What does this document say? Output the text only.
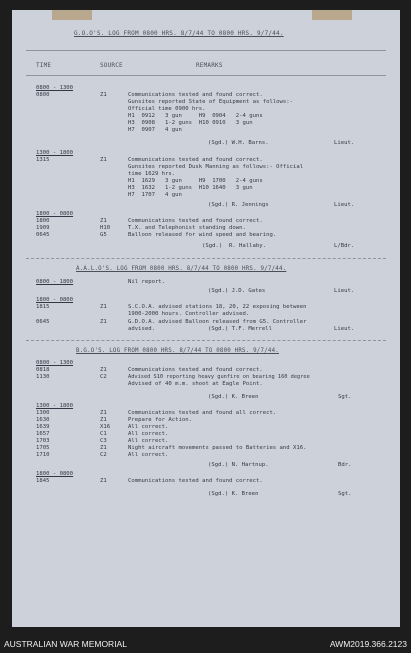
G.O.O'S. LOG FROM 0800 HRS. 8/7/44 TO 0800 HRS. 9/7/44.
TIME	SOURCE	REMARKS
0800 - 1300
0800	Z1	Communications tested and found correct.
Gunsites reported State of Equipment as follows:-
Official time 0900 hrs.
H1  0912   3 gun     H9  0904   2-4 guns
H3  0908   1-2 guns  H10 0910   3 gun
H7  0907   4 gun
(Sgd.) W.H. Barns.	Lieut.
1300 - 1800
1315	Z1	Communications tested and found correct.
Gunsites reported Dusk Manning as follows:- Official
time 1629 hrs.
H1  1629   3 gun     H9  1700   2-4 guns
H3  1632   1-2 guns  H10 1640   3 gun
H7  1707   4 gun
(Sgd.) R. Jennings	Lieut.
1800 - 0800
1800	Z1	Communications tested and found correct.
1909	H10	T.X. and Telephonist standing down.
0645	G5	Balloon released for wind speed and bearing.
(Sgd.)  R. Hallaby.	L/Bdr.
A.A.L.O'S. LOG FROM 0800 HRS. 8/7/44 TO 0800 HRS. 9/7/44.
0800 - 1800	Nil report.
(Sgd.) J.D. Gates	Lieut.
1800 - 0800
1815	Z1	S.C.O.A. advised stations 18, 20, 22 exposing between
1900-2000 hours. Controller advised.
0645	Z1	G.D.O.A. advised Balloon released from G5. Controller
advised.	(Sgd.) T.F. Merrell	Lieut.
B.G.O'S. LOG FROM 0800 HRS. 8/7/44 TO 0800 HRS. 9/7/44.
0800 - 1300
0818	Z1	Communications tested and found correct.
1130	C2	Advised S10 reporting heavy gunfire on bearing 160 degree
Advised of 40 m.m. shoot at Eagle Point.
(Sgd.) K. Breen	Sgt.
1300 - 1800
1300	Z1	Communications tested and found all correct.
1630	Z1	Prepare for Action.
1639	X16	All correct.
1657	C1	All correct.
1703	C3	All correct.
1705	Z1	Night aircraft movements passed to Batteries and X16.
1710	C2	All correct.
(Sgd.) N. Hartnup.	Bdr.
1800 - 0800
1845	Z1	Communications tested and found correct.
(Sgd.) K. Breen	Sgt.
AUSTRALIAN WAR MEMORIAL	AWM2019.366.2123
